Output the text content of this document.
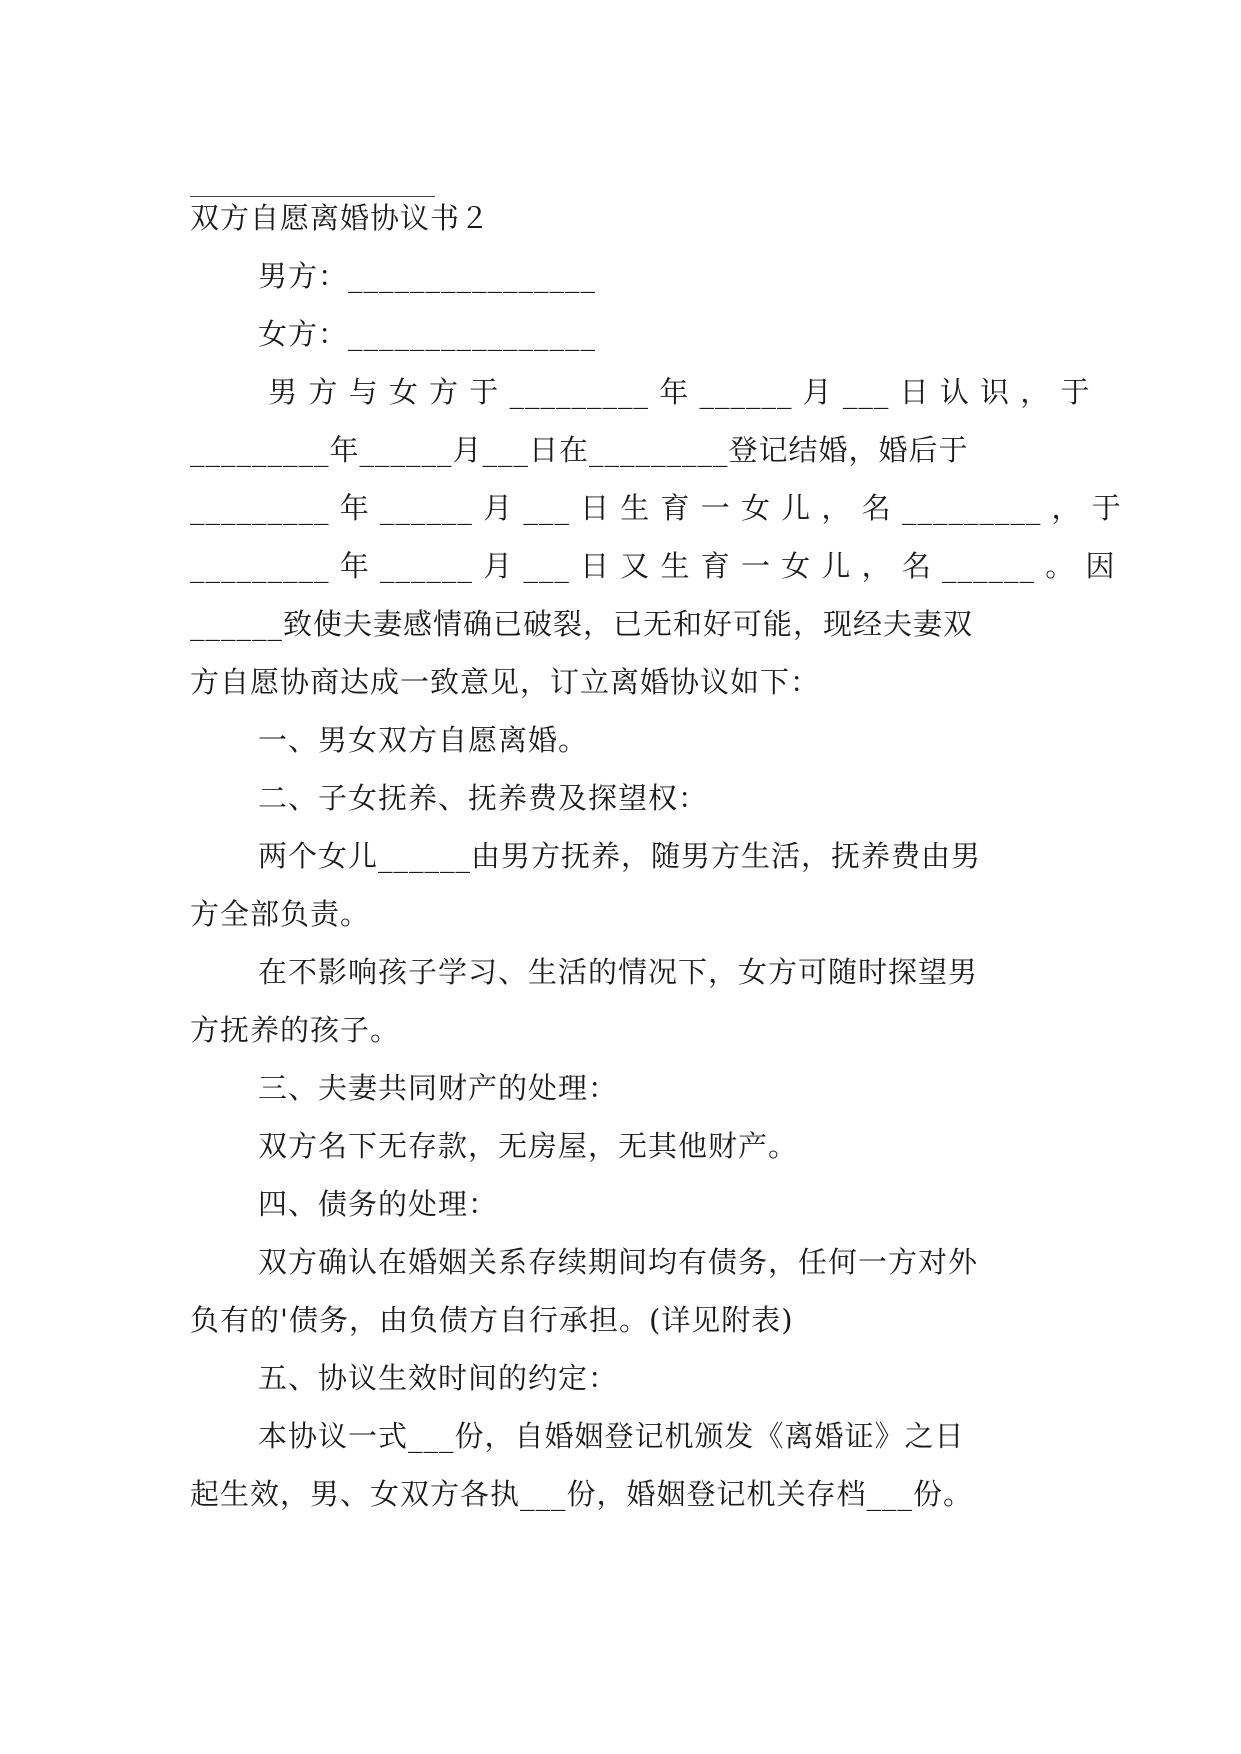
双方自愿离婚协议书２
男方：________________
女方：________________
男 方 与 女 方 于 _________ 年 ______ 月 ___ 日 认 识 ， 于
_________年______月___日在_________登记结婚，婚后于
_________ 年 ______ 月 ___ 日 生 育 一 女 儿 ， 名 _________ ， 于
_________ 年 ______ 月 ___ 日 又 生 育 一 女 儿 ， 名 ______ 。 因
______致使夫妻感情确已破裂，已无和好可能，现经夫妻双
方自愿协商达成一致意见，订立离婚协议如下：
一、男女双方自愿离婚。
二、子女抚养、抚养费及探望权：
两个女儿______由男方抚养，随男方生活，抚养费由男
方全部负责。
在不影响孩子学习、生活的情况下，女方可随时探望男
方抚养的孩子。
三、夫妻共同财产的处理：
双方名下无存款，无房屋，无其他财产。
四、债务的处理：
双方确认在婚姻关系存续期间均有债务，任何一方对外
负有的'债务，由负债方自行承担。(详见附表)
五、协议生效时间的约定：
本协议一式___份，自婚姻登记机颁发《离婚证》之日
起生效，男、女双方各执___份，婚姻登记机关存档___份。
